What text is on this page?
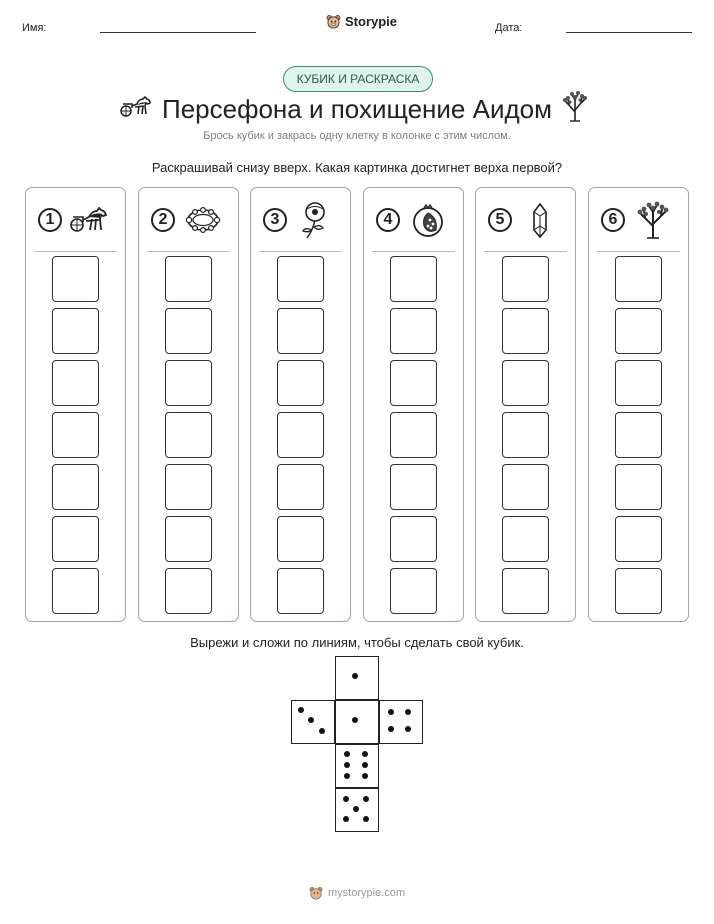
Имя:	Storypie	Дата:
КУБИК И РАСКРАСКА
Персефона и похищение Аидом
Брось кубик и закрась одну клетку в колонке с этим числом.
Раскрашивай снизу вверх. Какая картинка достигнет верха первой?
1	2	3	4	5	6
Вырежи и сложи по линиям, чтобы сделать свой кубик.
mystorypie.com
